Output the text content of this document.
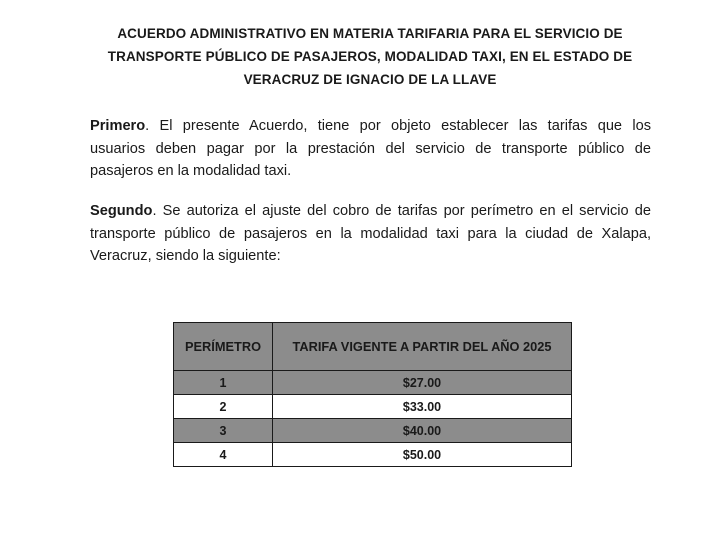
ACUERDO ADMINISTRATIVO EN MATERIA TARIFARIA PARA EL SERVICIO DE
TRANSPORTE PÚBLICO DE PASAJEROS, MODALIDAD TAXI, EN EL ESTADO DE
VERACRUZ DE IGNACIO DE LA LLAVE
Primero. El presente Acuerdo, tiene por objeto establecer las tarifas que los
usuarios deben pagar por la prestación del servicio de transporte público de
pasajeros en la modalidad taxi.
Segundo. Se autoriza el ajuste del cobro de tarifas por perímetro en el servicio de
transporte público de pasajeros en la modalidad taxi para la ciudad de Xalapa,
Veracruz, siendo la siguiente:
PERÍMETRO	TARIFA VIGENTE A PARTIR DEL AÑO 2025
1	$27.00
2	$33.00
3	$40.00
4	$50.00
